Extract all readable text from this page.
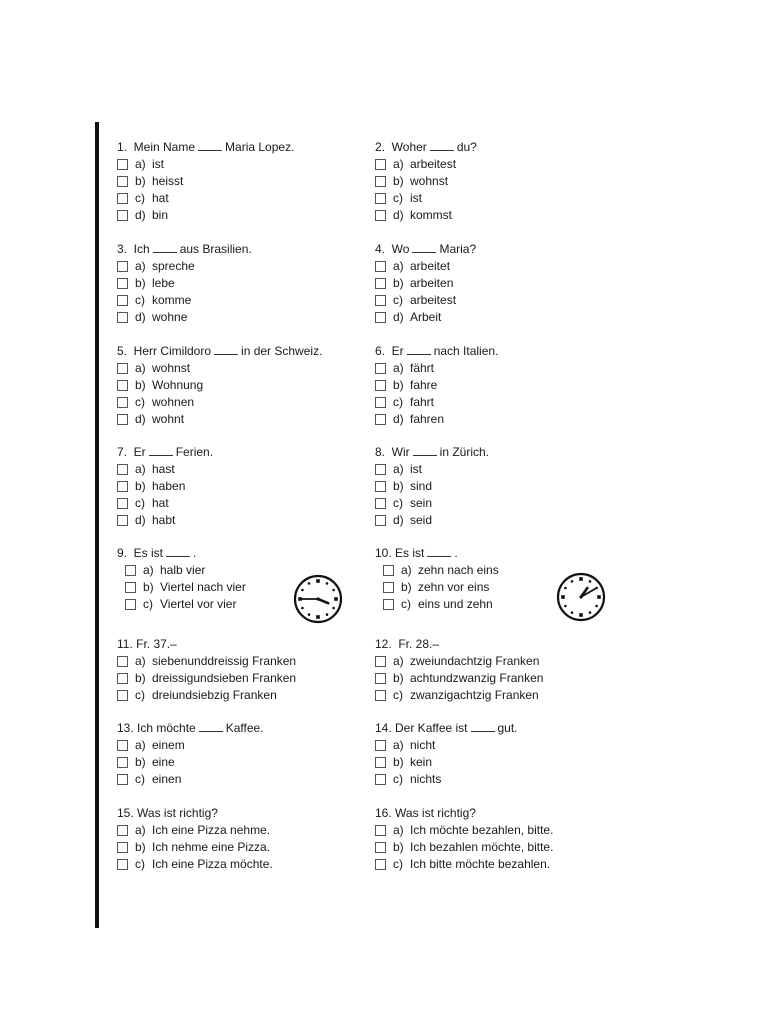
1.  Mein Name	Maria Lopez.
a) ist
b) heisst
c) hat
d) bin
2.  Woher	du?
a) arbeitest
b) wohnst
c) ist
d) kommst
3.  Ich	aus Brasilien.
a) spreche
b) lebe
c) komme
d) wohne
4.  Wo	Maria?
a) arbeitet
b) arbeiten
c) arbeitest
d) Arbeit
5.  Herr Cimildoro	in der Schweiz.
a) wohnst
b) Wohnung
c) wohnen
d) wohnt
6.  Er	nach Italien.
a) fährt
b) fahre
c) fahrt
d) fahren
7.  Er	Ferien.
a) hast
b) haben
c) hat
d) habt
8.  Wir	in Zürich.
a) ist
b) sind
c) sein
d) seid
9.  Es ist	.
a) halb vier
b) Viertel nach vier
c) Viertel vor vier
10. Es ist	.
a) zehn nach eins
b) zehn vor eins
c) eins und zehn
11. Fr. 37.–
a) siebenunddreissig Franken
b) dreissigundsieben Franken
c) dreiundsiebzig Franken
12.  Fr. 28.–
a) zweiundachtzig Franken
b) achtundzwanzig Franken
c) zwanzigachtzig Franken
13. Ich möchte	Kaffee.
a) einem
b) eine
c) einen
14. Der Kaffee ist	gut.
a) nicht
b) kein
c) nichts
15. Was ist richtig?
a) Ich eine Pizza nehme.
b) Ich nehme eine Pizza.
c) Ich eine Pizza möchte.
16. Was ist richtig?
a) Ich möchte bezahlen, bitte.
b) Ich bezahlen möchte, bitte.
c) Ich bitte möchte bezahlen.
